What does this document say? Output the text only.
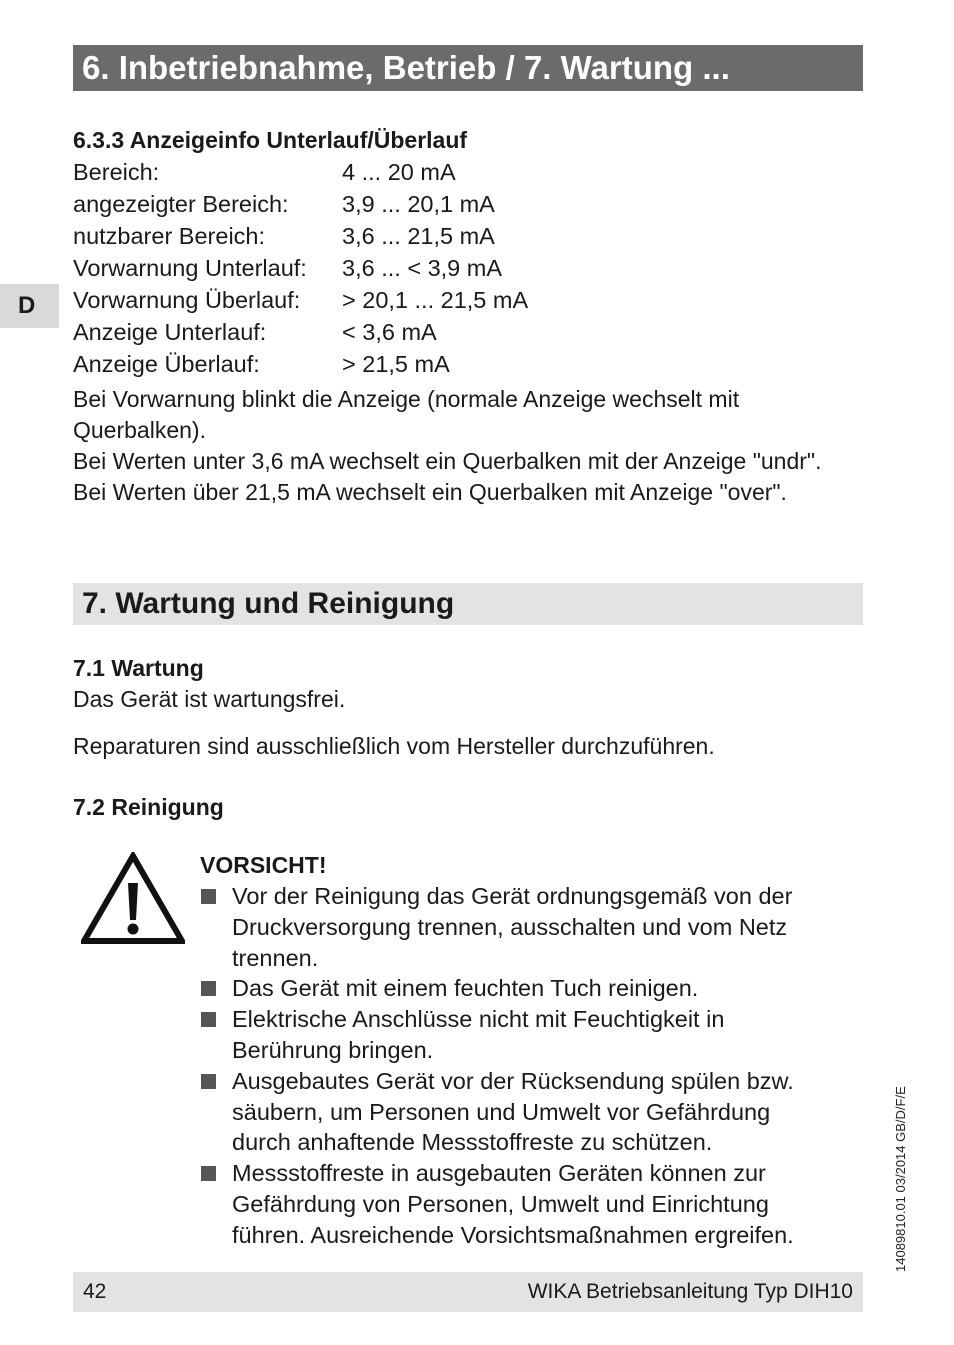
6. Inbetriebnahme, Betrieb / 7. Wartung ...
D
6.3.3 Anzeigeinfo Unterlauf/Überlauf
Bereich:	4 ... 20 mA
angezeigter Bereich: 3,9 ... 20,1 mA
nutzbarer Bereich:	3,6 ... 21,5 mA
Vorwarnung Unterlauf: 3,6 ... < 3,9 mA
Vorwarnung Überlauf: > 20,1 ... 21,5 mA
Anzeige Unterlauf:	< 3,6 mA
Anzeige Überlauf:	> 21,5 mA
Bei Vorwarnung blinkt die Anzeige (normale Anzeige wechselt mit
Querbalken).
Bei Werten unter 3,6 mA wechselt ein Querbalken mit der Anzeige "undr".
Bei Werten über 21,5 mA wechselt ein Querbalken mit Anzeige "over".
7. Wartung und Reinigung
7.1 Wartung
Das Gerät ist wartungsfrei.
Reparaturen sind ausschließlich vom Hersteller durchzuführen.
7.2 Reinigung
VORSICHT!
Vor der Reinigung das Gerät ordnungsgemäß von der
Druckversorgung trennen, ausschalten und vom Netz
trennen.
Das Gerät mit einem feuchten Tuch reinigen.
Elektrische Anschlüsse nicht mit Feuchtigkeit in
Berührung bringen.
Ausgebautes Gerät vor der Rücksendung spülen bzw.
säubern, um Personen und Umwelt vor Gefährdung
durch anhaftende Messstoffreste zu schützen.
Messstoffreste in ausgebauten Geräten können zur
Gefährdung von Personen, Umwelt und Einrichtung
führen. Ausreichende Vorsichtsmaßnahmen ergreifen.
42	WIKA Betriebsanleitung Typ DIH10
14089810.01 03/2014 GB/D/F/E
